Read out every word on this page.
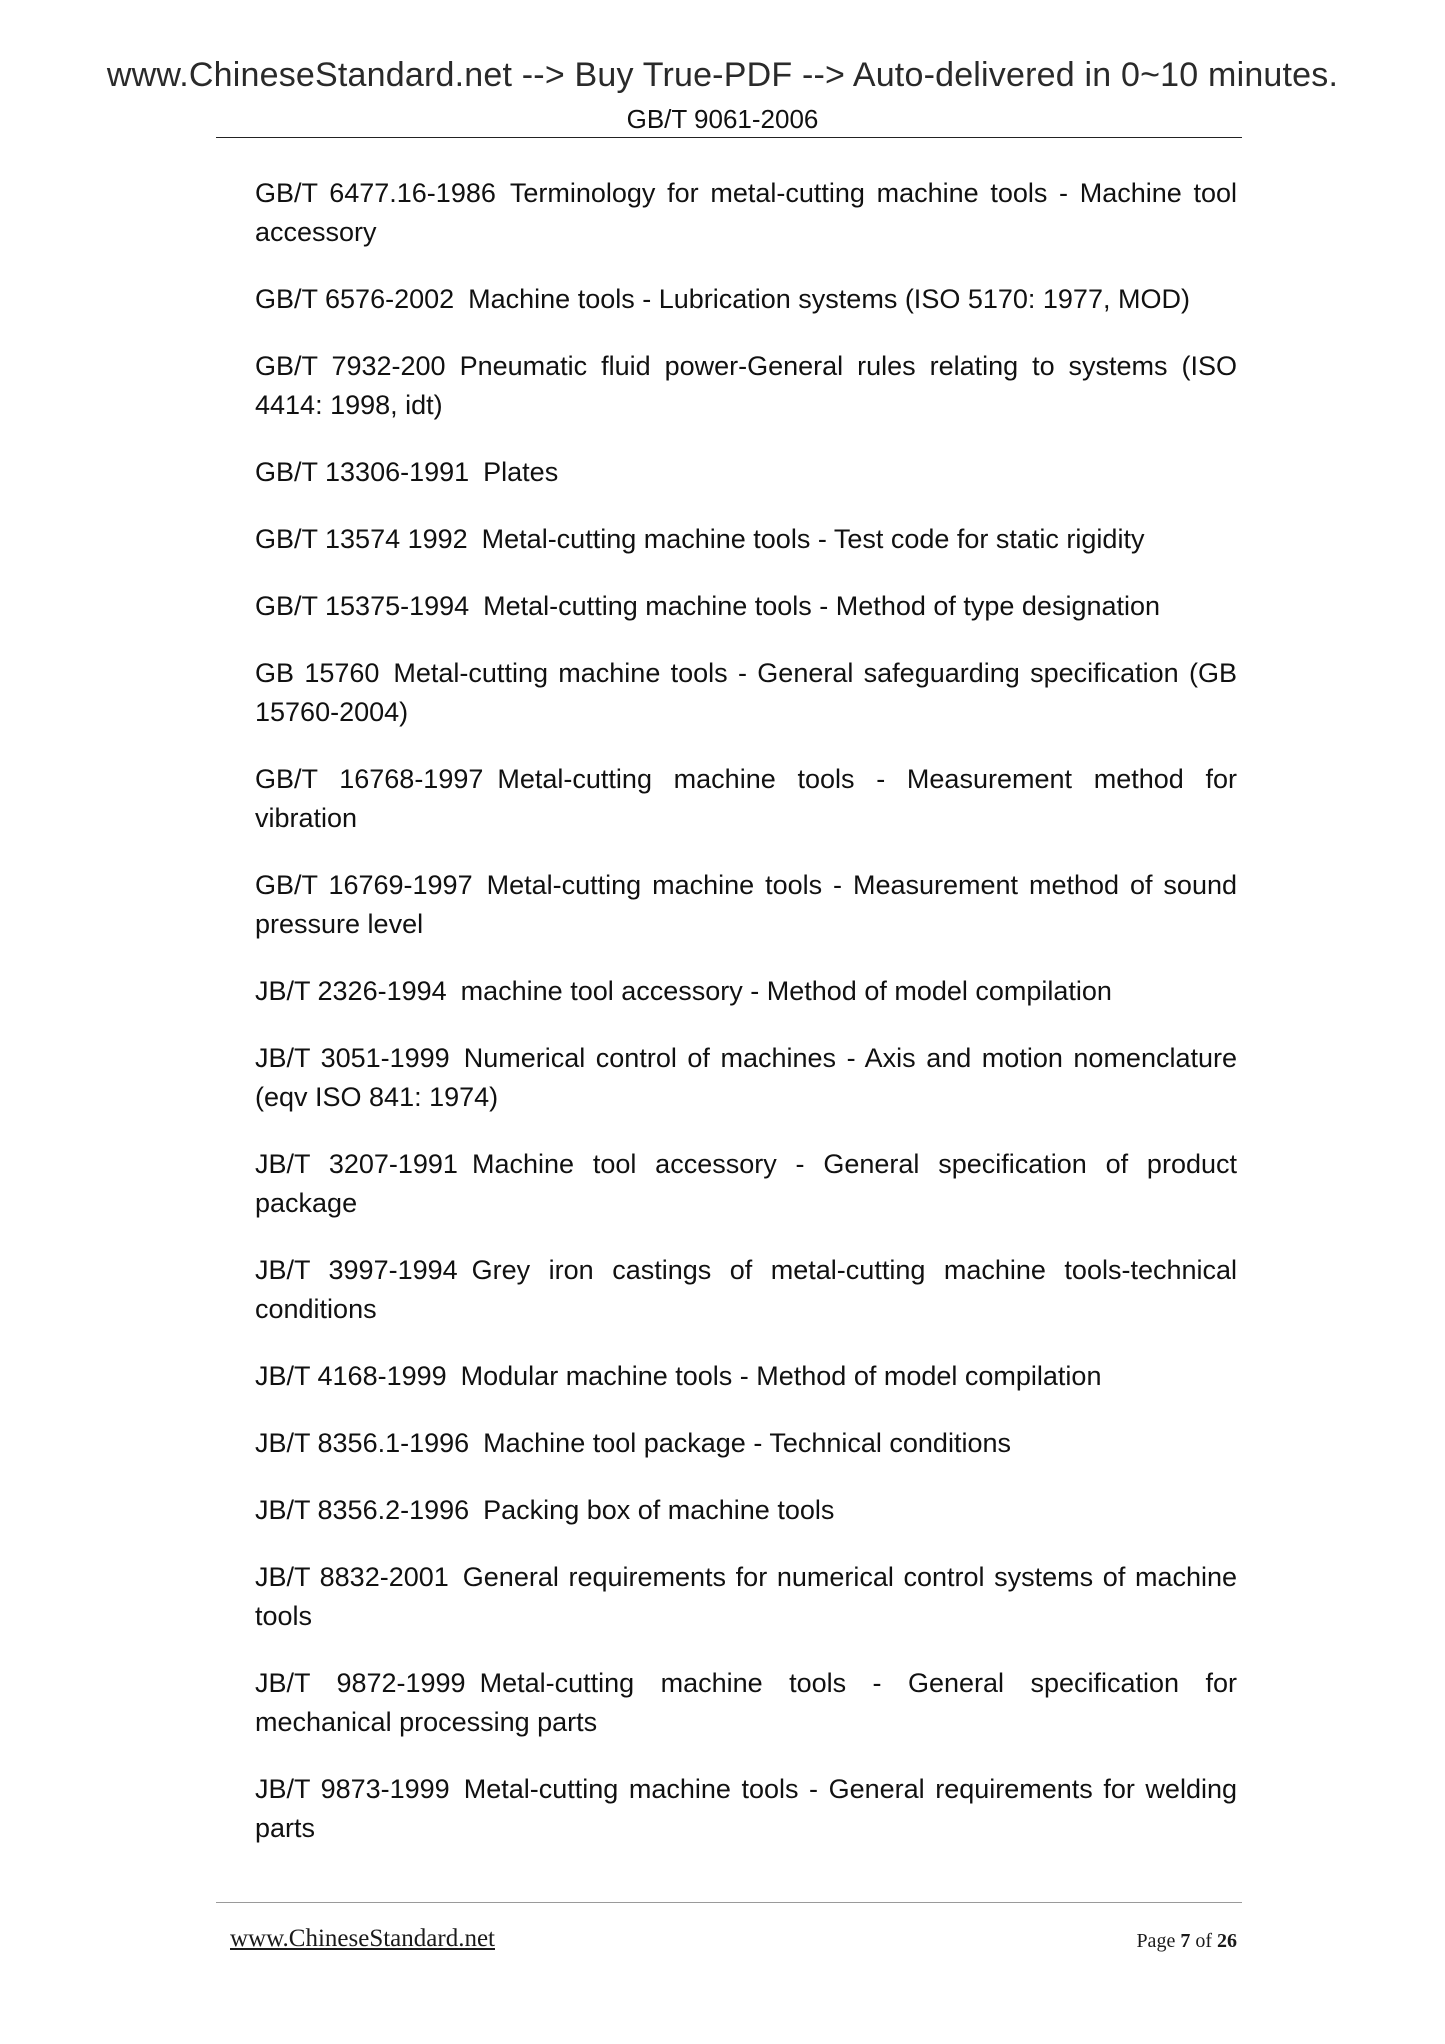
www.ChineseStandard.net --> Buy True-PDF --> Auto-delivered in 0~10 minutes.
GB/T 9061-2006

GB/T 6477.16-1986 Terminology for metal-cutting machine tools - Machine tool accessory

GB/T 6576-2002 Machine tools - Lubrication systems (ISO 5170: 1977, MOD)

GB/T 7932-200 Pneumatic fluid power-General rules relating to systems (ISO 4414: 1998, idt)

GB/T 13306-1991 Plates

GB/T 13574 1992 Metal-cutting machine tools - Test code for static rigidity

GB/T 15375-1994 Metal-cutting machine tools - Method of type designation

GB 15760 Metal-cutting machine tools - General safeguarding specification (GB 15760-2004)

GB/T 16768-1997 Metal-cutting machine tools - Measurement method for vibration

GB/T 16769-1997 Metal-cutting machine tools - Measurement method of sound pressure level

JB/T 2326-1994 machine tool accessory - Method of model compilation

JB/T 3051-1999 Numerical control of machines - Axis and motion nomenclature (eqv ISO 841: 1974)

JB/T 3207-1991 Machine tool accessory - General specification of product package

JB/T 3997-1994 Grey iron castings of metal-cutting machine tools-technical conditions

JB/T 4168-1999 Modular machine tools - Method of model compilation

JB/T 8356.1-1996 Machine tool package - Technical conditions

JB/T 8356.2-1996 Packing box of machine tools

JB/T 8832-2001 General requirements for numerical control systems of machine tools

JB/T 9872-1999 Metal-cutting machine tools - General specification for mechanical processing parts

JB/T 9873-1999 Metal-cutting machine tools - General requirements for welding parts

www.ChineseStandard.net	Page 7 of 26
